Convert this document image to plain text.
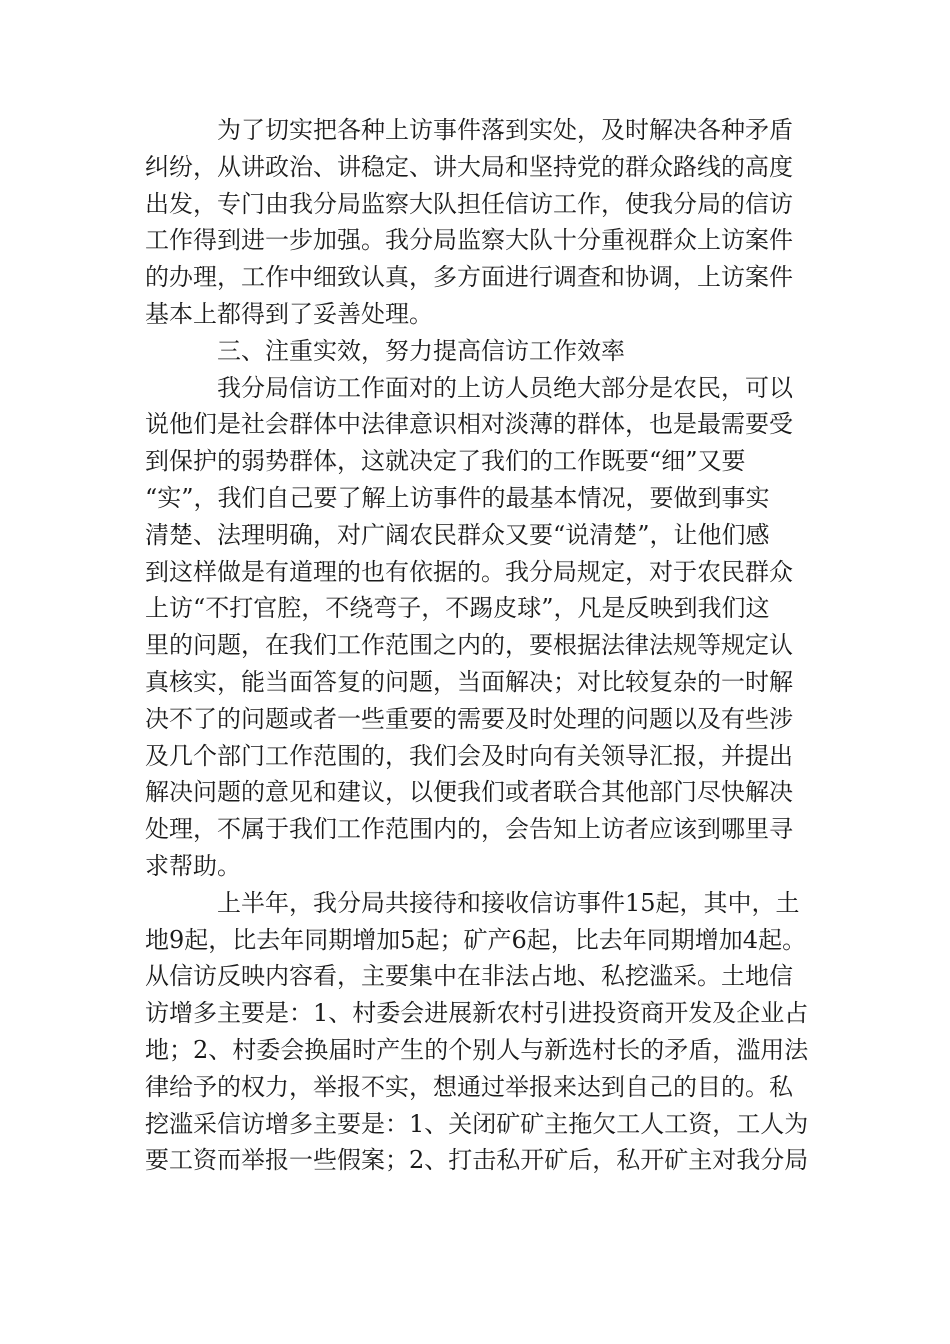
为了切实把各种上访事件落到实处，及时解决各种矛盾
纠纷，从讲政治、讲稳定、讲大局和坚持党的群众路线的高度
出发，专门由我分局监察大队担任信访工作，使我分局的信访
工作得到进一步加强。我分局监察大队十分重视群众上访案件
的办理，工作中细致认真，多方面进行调查和协调，上访案件
基本上都得到了妥善处理。
三、注重实效，努力提高信访工作效率
我分局信访工作面对的上访人员绝大部分是农民，可以
说他们是社会群体中法律意识相对淡薄的群体，也是最需要受
到保护的弱势群体，这就决定了我们的工作既要“细”又要
“实”，我们自己要了解上访事件的最基本情况，要做到事实
清楚、法理明确，对广阔农民群众又要“说清楚”，让他们感
到这样做是有道理的也有依据的。我分局规定，对于农民群众
上访“不打官腔，不绕弯子，不踢皮球”，凡是反映到我们这
里的问题，在我们工作范围之内的，要根据法律法规等规定认
真核实，能当面答复的问题，当面解决；对比较复杂的一时解
决不了的问题或者一些重要的需要及时处理的问题以及有些涉
及几个部门工作范围的，我们会及时向有关领导汇报，并提出
解决问题的意见和建议，以便我们或者联合其他部门尽快解决
处理，不属于我们工作范围内的，会告知上访者应该到哪里寻
求帮助。
上半年，我分局共接待和接收信访事件15起，其中，土
地9起，比去年同期增加5起；矿产6起，比去年同期增加4起。
从信访反映内容看，主要集中在非法占地、私挖滥采。土地信
访增多主要是：1、村委会进展新农村引进投资商开发及企业占
地；2、村委会换届时产生的个别人与新选村长的矛盾，滥用法
律给予的权力，举报不实，想通过举报来达到自己的目的。私
挖滥采信访增多主要是：1、关闭矿矿主拖欠工人工资，工人为
要工资而举报一些假案；2、打击私开矿后，私开矿主对我分局
